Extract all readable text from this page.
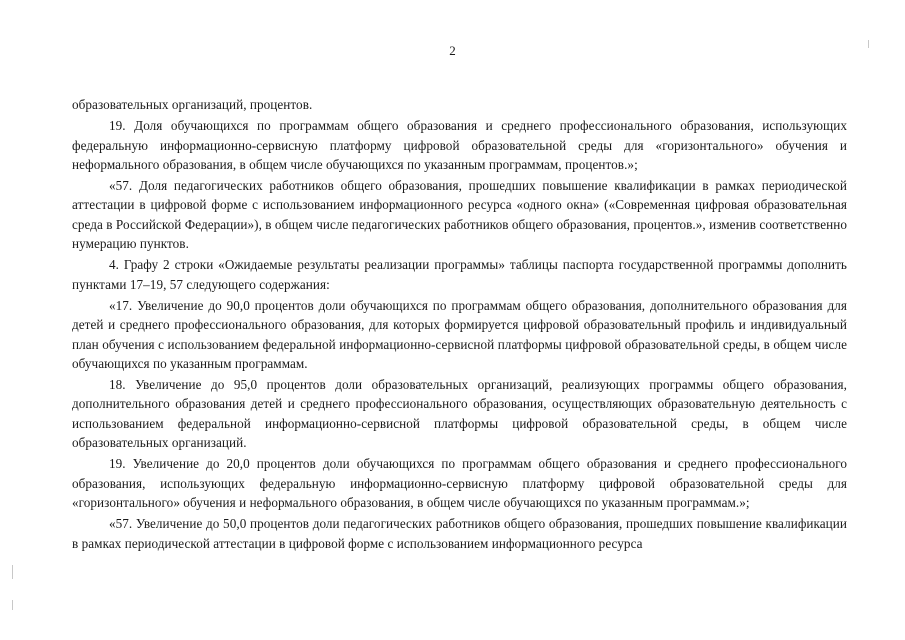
2

образовательных организаций, процентов.

19. Доля обучающихся по программам общего образования и среднего профессионального образования, использующих федеральную информационно-сервисную платформу цифровой образовательной среды для «горизонтального» обучения и неформального образования, в общем числе обучающихся по указанным программам, процентов.»;

«57. Доля педагогических работников общего образования, прошедших повышение квалификации в рамках периодической аттестации в цифровой форме с использованием информационного ресурса «одного окна» («Современная цифровая образовательная среда в Российской Федерации»), в общем числе педагогических работников общего образования, процентов.», изменив соответственно нумерацию пунктов.

4. Графу 2 строки «Ожидаемые результаты реализации программы» таблицы паспорта государственной программы дополнить пунктами 17–19, 57 следующего содержания:

«17. Увеличение до 90,0 процентов доли обучающихся по программам общего образования, дополнительного образования для детей и среднего профессионального образования, для которых формируется цифровой образовательный профиль и индивидуальный план обучения с использованием федеральной информационно-сервисной платформы цифровой образовательной среды, в общем числе обучающихся по указанным программам.

18. Увеличение до 95,0 процентов доли образовательных организаций, реализующих программы общего образования, дополнительного образования детей и среднего профессионального образования, осуществляющих образовательную деятельность с использованием федеральной информационно-сервисной платформы цифровой образовательной среды, в общем числе образовательных организаций.

19. Увеличение до 20,0 процентов доли обучающихся по программам общего образования и среднего профессионального образования, использующих федеральную информационно-сервисную платформу цифровой образовательной среды для «горизонтального» обучения и неформального образования, в общем числе обучающихся по указанным программам.»;

«57. Увеличение до 50,0 процентов доли педагогических работников общего образования, прошедших повышение квалификации в рамках периодической аттестации в цифровой форме с использованием информационного ресурса
